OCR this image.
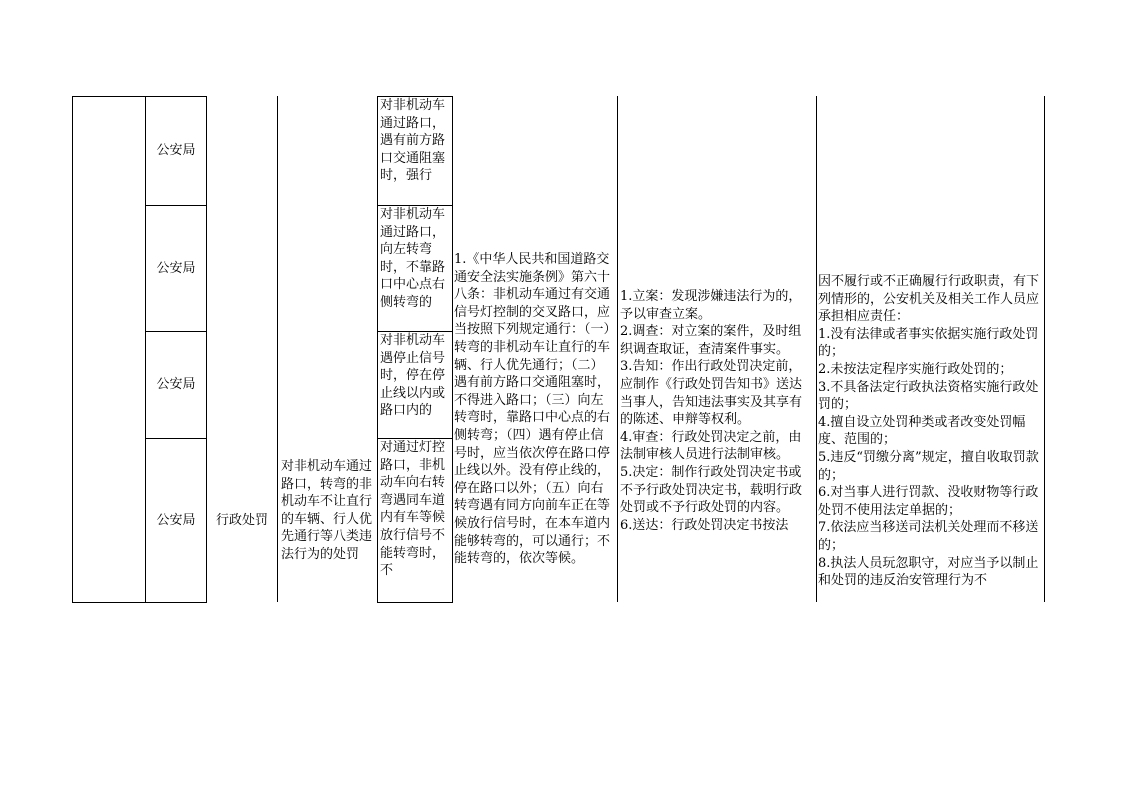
公安局
公安局
公安局
公安局	行政处罚
对非机动车通过路口，转弯的非机动车不让直行的车辆、行人优先通行等八类违法行为的处罚
对非机动车通过路口，遇有前方路口交通阻塞时，强行
对非机动车通过路口，向左转弯时，不靠路口中心点右侧转弯的
对非机动车遇停止信号时，停在停止线以内或路口内的
对通过灯控路口，非机动车向右转弯遇同车道内有车等候放行信号不能转弯时，不
1.《中华人民共和国道路交通安全法实施条例》第六十八条：非机动车通过有交通信号灯控制的交叉路口，应当按照下列规定通行：（一）转弯的非机动车让直行的车辆、行人优先通行；（二）遇有前方路口交通阻塞时，不得进入路口；（三）向左转弯时，靠路口中心点的右侧转弯；（四）遇有停止信号时，应当依次停在路口停止线以外。没有停止线的，停在路口以外；（五）向右转弯遇有同方向前车正在等候放行信号时，在本车道内能够转弯的，可以通行；不能转弯的，依次等候。
1.立案：发现涉嫌违法行为的，予以审查立案。
2.调查：对立案的案件，及时组织调查取证，查清案件事实。
3.告知：作出行政处罚决定前，应制作《行政处罚告知书》送达当事人，告知违法事实及其享有的陈述、申辩等权利。
4.审查：行政处罚决定之前，由法制审核人员进行法制审核。
5.决定：制作行政处罚决定书或不予行政处罚决定书，载明行政处罚或不予行政处罚的内容。
6.送达：行政处罚决定书按法
因不履行或不正确履行行政职责，有下列情形的，公安机关及相关工作人员应承担相应责任：
1.没有法律或者事实依据实施行政处罚的；
2.未按法定程序实施行政处罚的；
3.不具备法定行政执法资格实施行政处罚的；
4.擅自设立处罚种类或者改变处罚幅度、范围的；
5.违反“罚缴分离”规定，擅自收取罚款的；
6.对当事人进行罚款、没收财物等行政处罚不使用法定单据的；
7.依法应当移送司法机关处理而不移送的；
8.执法人员玩忽职守，对应当予以制止和处罚的违反治安管理行为不
